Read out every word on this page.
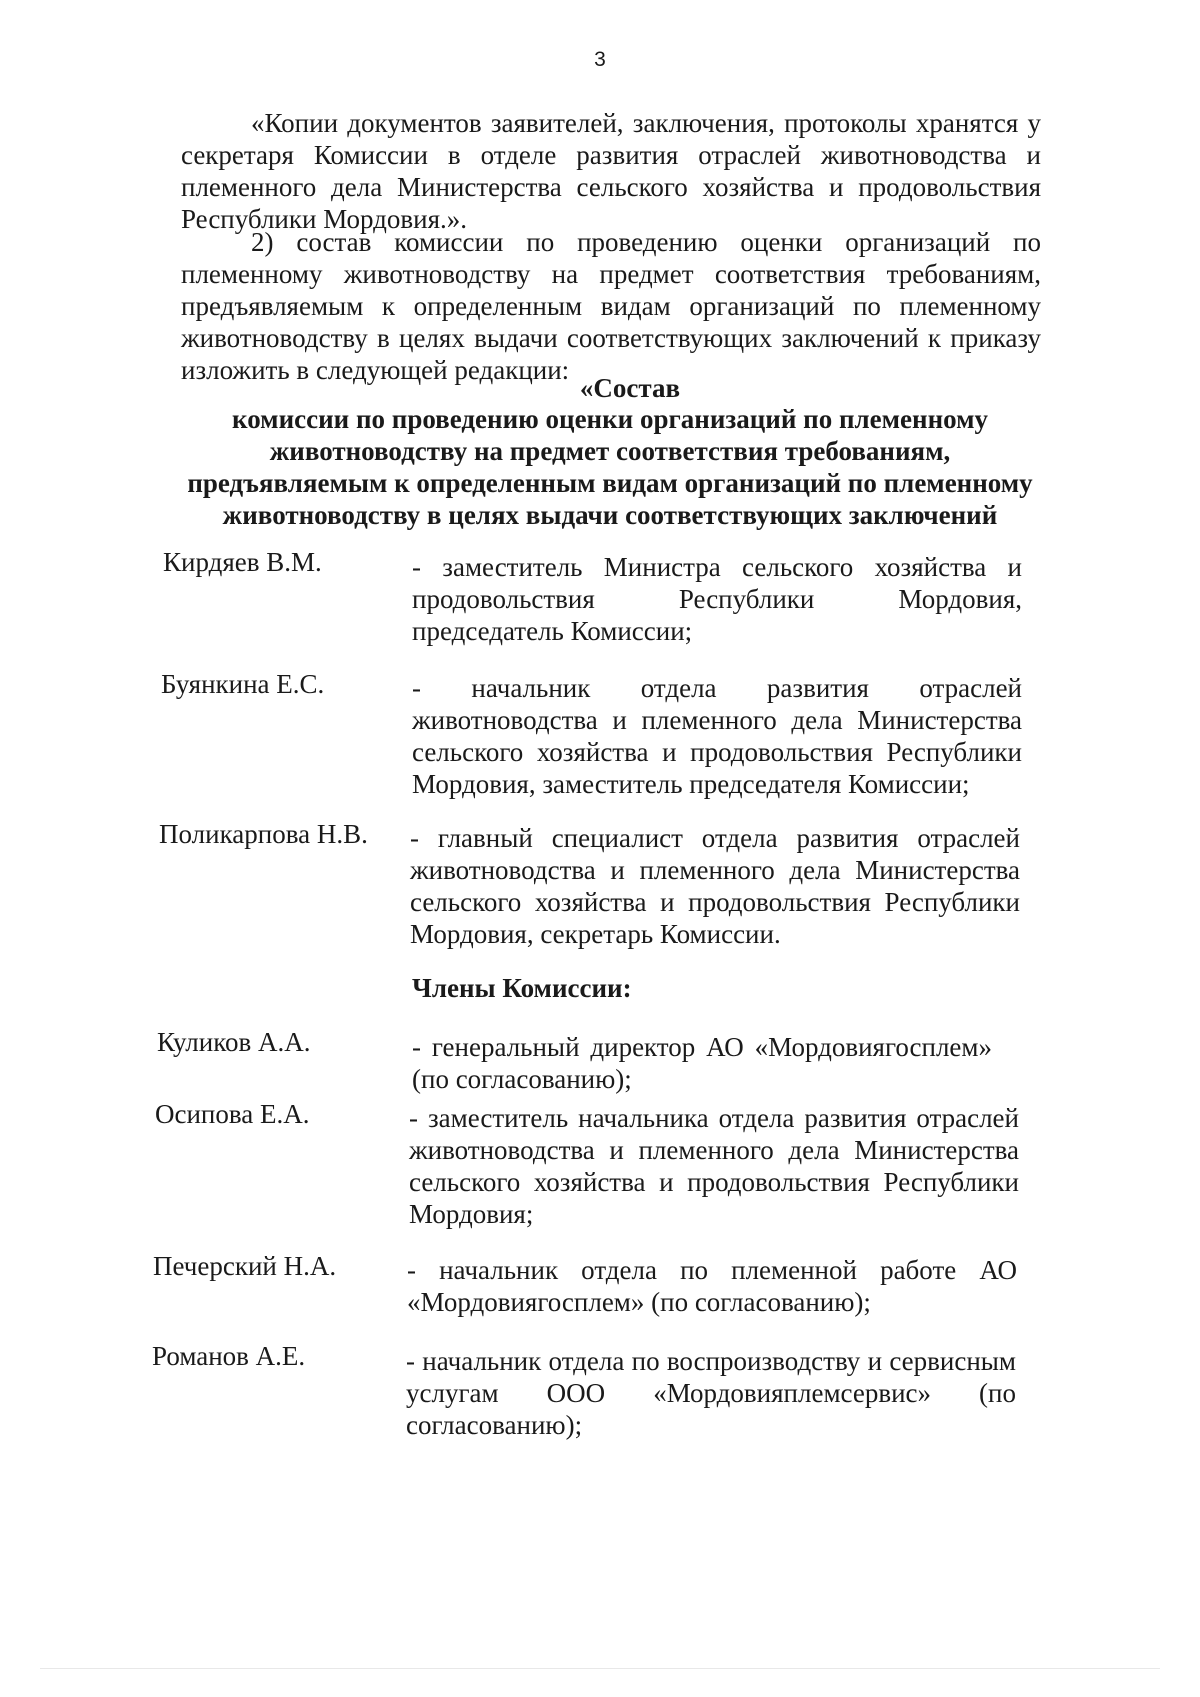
3
«Копии документов заявителей, заключения, протоколы хранятся у секретаря Комиссии в отделе развития отраслей животноводства и племенного дела Министерства сельского хозяйства и продовольствия Республики Мордовия.».
2) состав комиссии по проведению оценки организаций по племенному животноводству на предмет соответствия требованиям, предъявляемым к определенным видам организаций по племенному животноводству в целях выдачи соответствующих заключений к приказу изложить в следующей редакции:
«Состав
комиссии по проведению оценки организаций по племенному животноводству на предмет соответствия требованиям, предъявляемым к определенным видам организаций по племенному животноводству в целях выдачи соответствующих заключений
Кирдяев В.М.	- заместитель Министра сельского хозяйства и продовольствия Республики Мордовия, председатель Комиссии;
Буянкина Е.С.	- начальник отдела развития отраслей животноводства и племенного дела Министерства сельского хозяйства и продовольствия Республики Мордовия, заместитель председателя Комиссии;
Поликарпова Н.В. - главный специалист отдела развития отраслей животноводства и племенного дела Министерства сельского хозяйства и продовольствия Республики Мордовия, секретарь Комиссии.
Члены Комиссии:
Куликов А.А.	- генеральный директор АО «Мордовиягосплем» (по согласованию);
Осипова Е.А.	- заместитель начальника отдела развития отраслей животноводства и племенного дела Министерства сельского хозяйства и продовольствия Республики Мордовия;
Печерский Н.А.	- начальник отдела по племенной работе АО «Мордовиягосплем» (по согласованию);
Романов А.Е.	- начальник отдела по воспроизводству и сервисным услугам ООО «Мордовияплемсервис» (по согласованию);
